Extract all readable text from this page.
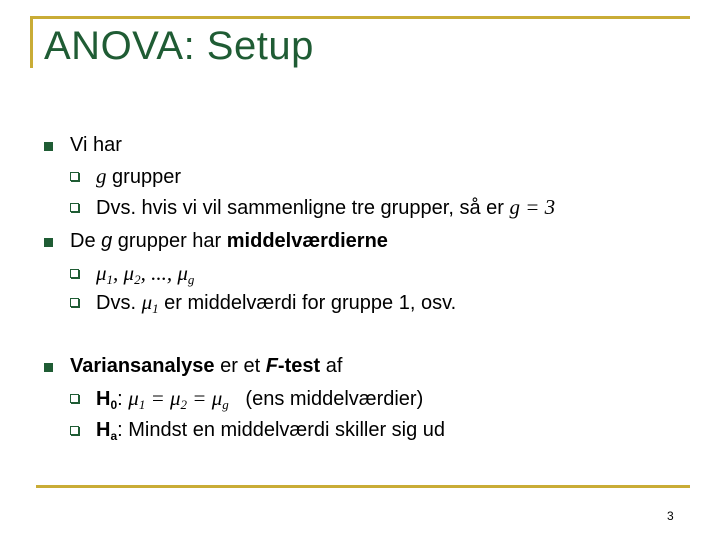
ANOVA: Setup
Vi har
g grupper
Dvs. hvis vi vil sammenligne tre grupper, så er g = 3
De g grupper har middelværdierne
$\mu_1$, $\mu_2$, ..., $\mu_g$
Dvs. $\mu_1$ er middelværdi for gruppe 1, osv.
Variansanalyse er et F-test af
$H_0$: $\mu_1 = \mu_2 = \mu_g$   (ens middelværdier)
$H_a$: Mindst en middelværdi skiller sig ud
3
